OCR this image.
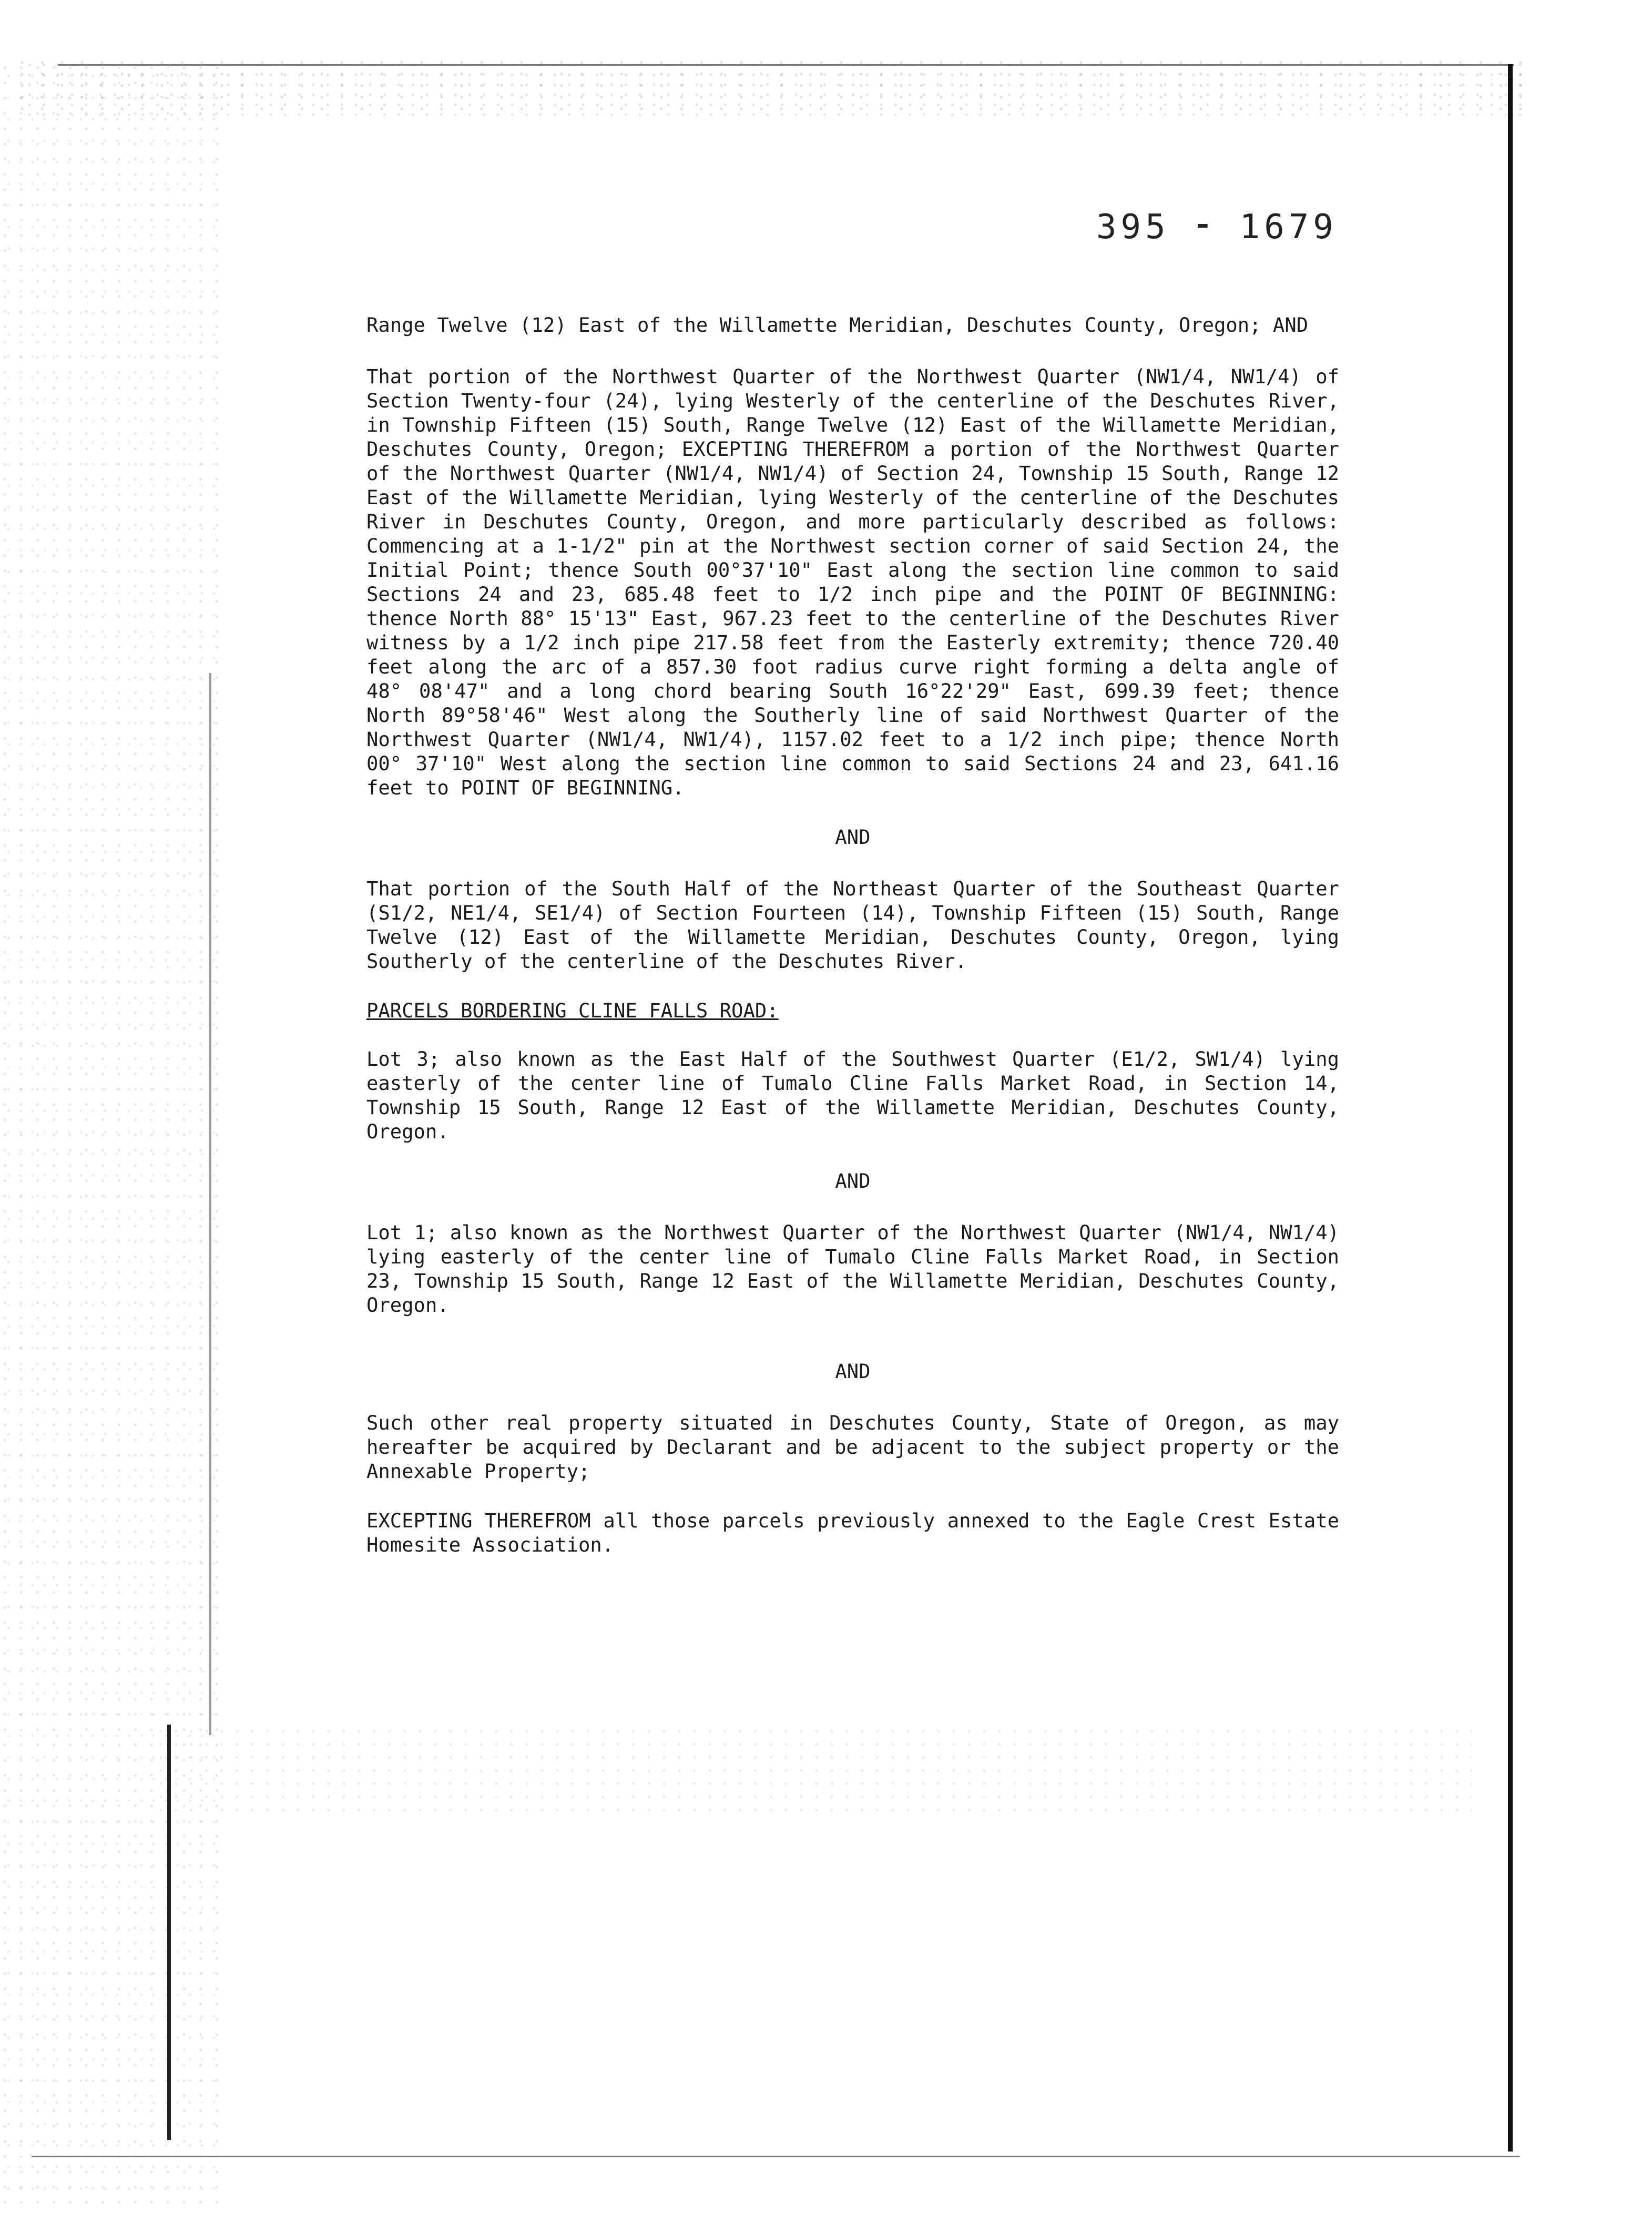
395 ⁃ 1679

Range Twelve (12) East of the Willamette Meridian, Deschutes County, Oregon; AND

That portion of the Northwest Quarter of the Northwest Quarter (NW1/4, NW1/4) of Section Twenty-four (24), lying Westerly of the centerline of the Deschutes River, in Township Fifteen (15) South, Range Twelve (12) East of the Willamette Meridian, Deschutes County, Oregon; EXCEPTING THEREFROM a portion of the Northwest Quarter of the Northwest Quarter (NW1/4, NW1/4) of Section 24, Township 15 South, Range 12 East of the Willamette Meridian, lying Westerly of the centerline of the Deschutes River in Deschutes County, Oregon, and more particularly described as follows: Commencing at a 1-1/2" pin at the Northwest section corner of said Section 24, the Initial Point; thence South 00°37'10" East along the section line common to said Sections 24 and 23, 685.48 feet to 1/2 inch pipe and the POINT OF BEGINNING: thence North 88° 15'13" East, 967.23 feet to the centerline of the Deschutes River witness by a 1/2 inch pipe 217.58 feet from the Easterly extremity; thence 720.40 feet along the arc of a 857.30 foot radius curve right forming a delta angle of 48° 08'47" and a long chord bearing South 16°22'29" East, 699.39 feet; thence North 89°58'46" West along the Southerly line of said Northwest Quarter of the Northwest Quarter (NW1/4, NW1/4), 1157.02 feet to a 1/2 inch pipe; thence North 00° 37'10" West along the section line common to said Sections 24 and 23, 641.16 feet to POINT OF BEGINNING.

AND

That portion of the South Half of the Northeast Quarter of the Southeast Quarter (S1/2, NE1/4, SE1/4) of Section Fourteen (14), Township Fifteen (15) South, Range Twelve (12) East of the Willamette Meridian, Deschutes County, Oregon, lying Southerly of the centerline of the Deschutes River.

PARCELS BORDERING CLINE FALLS ROAD:

Lot 3; also known as the East Half of the Southwest Quarter (E1/2, SW1/4) lying easterly of the center line of Tumalo Cline Falls Market Road, in Section 14, Township 15 South, Range 12 East of the Willamette Meridian, Deschutes County, Oregon.

AND

Lot 1; also known as the Northwest Quarter of the Northwest Quarter (NW1/4, NW1/4) lying easterly of the center line of Tumalo Cline Falls Market Road, in Section 23, Township 15 South, Range 12 East of the Willamette Meridian, Deschutes County, Oregon.

AND

Such other real property situated in Deschutes County, State of Oregon, as may hereafter be acquired by Declarant and be adjacent to the subject property or the Annexable Property;

EXCEPTING THEREFROM all those parcels previously annexed to the Eagle Crest Estate Homesite Association.
